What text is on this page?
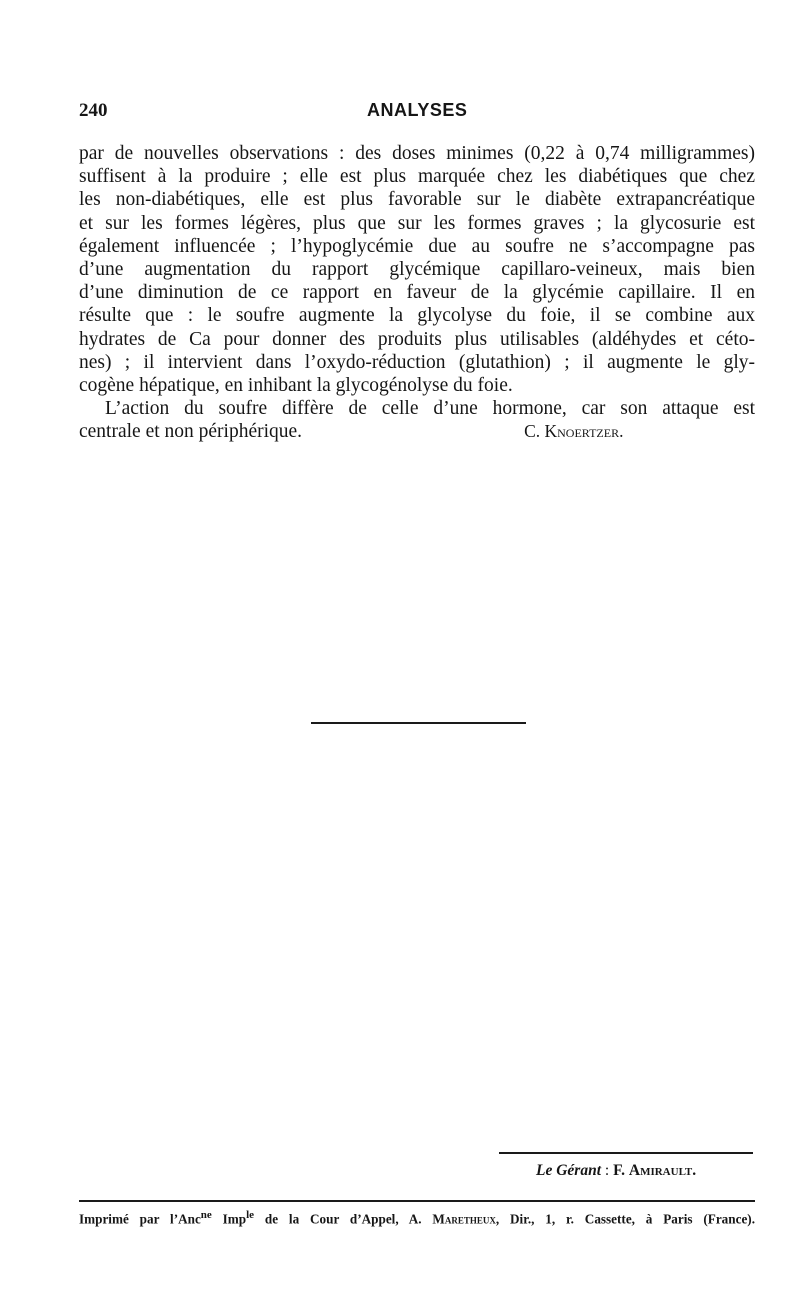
240	ANALYSES
par de nouvelles observations : des doses minimes (0,22 à 0,74 milligrammes)
suffisent à la produire ; elle est plus marquée chez les diabétiques que chez
les non-diabétiques, elle est plus favorable sur le diabète extrapancréatique
et sur les formes légères, plus que sur les formes graves ; la glycosurie est
également influencée ; l’hypoglycémie due au soufre ne s’accompagne pas
d’une augmentation du rapport glycémique capillaro-veineux, mais bien
d’une diminution de ce rapport en faveur de la glycémie capillaire. Il en
résulte que : le soufre augmente la glycolyse du foie, il se combine aux
hydrates de Ca pour donner des produits plus utilisables (aldéhydes et céto-
nes) ; il intervient dans l’oxydo-réduction (glutathion) ; il augmente le gly-
cogène hépatique, en inhibant la glycogénolyse du foie.
L’action du soufre diffère de celle d’une hormone, car son attaque est
centrale et non périphérique.	C. Knoertzer.
Le Gérant : F. Amirault.
Imprimé par l’Anc$^{ne}$ Imp$^{le}$ de la Cour d’Appel, A. Maretheux, Dir., 1, r. Cassette, à Paris (France).
